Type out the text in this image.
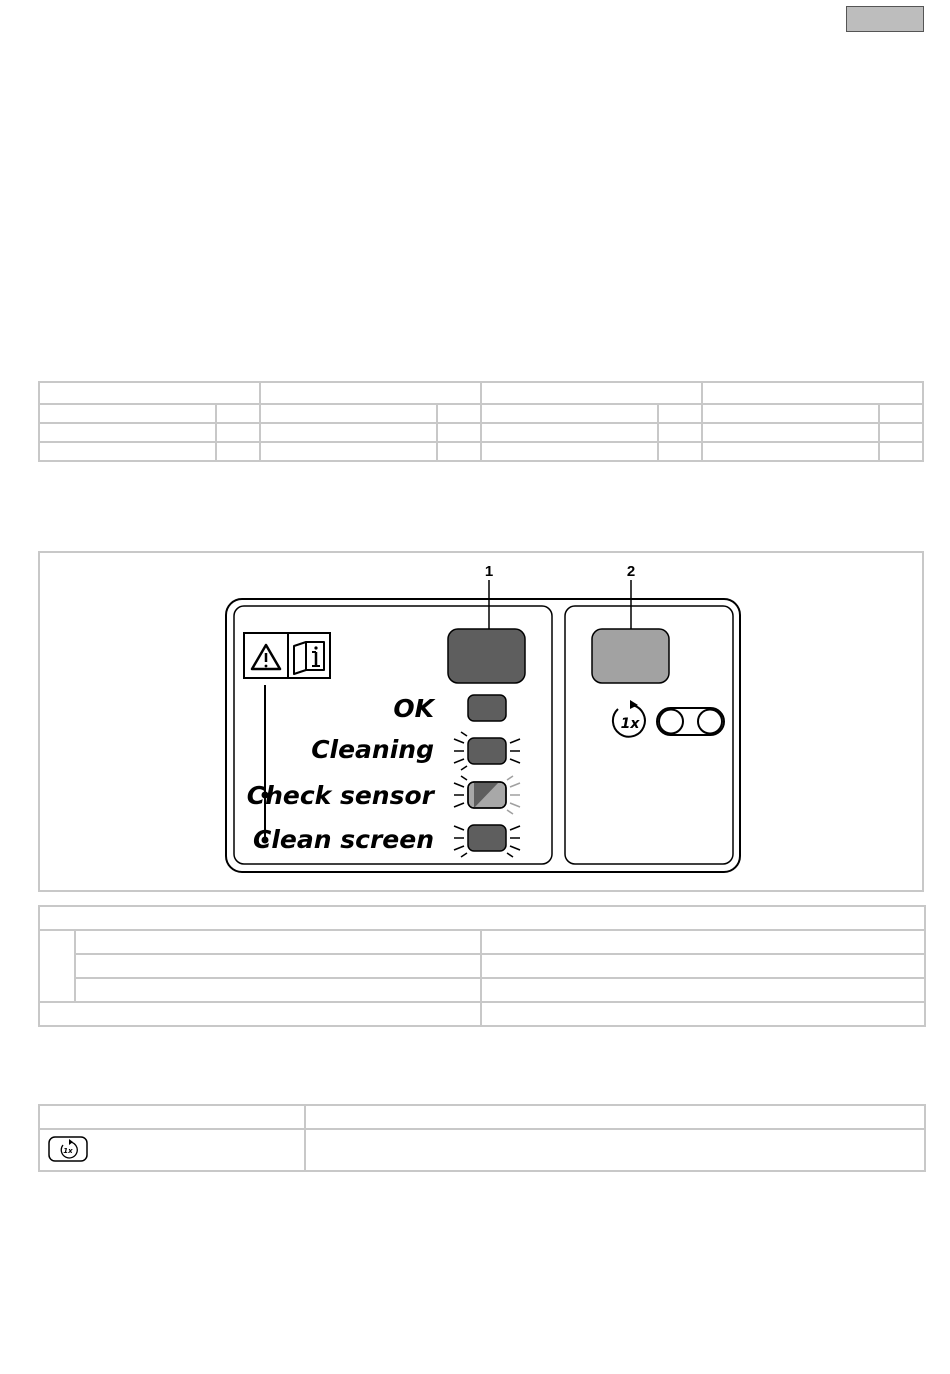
1	2
OK
Cleaning
Check sensor
Clean screen
1x

1x	
